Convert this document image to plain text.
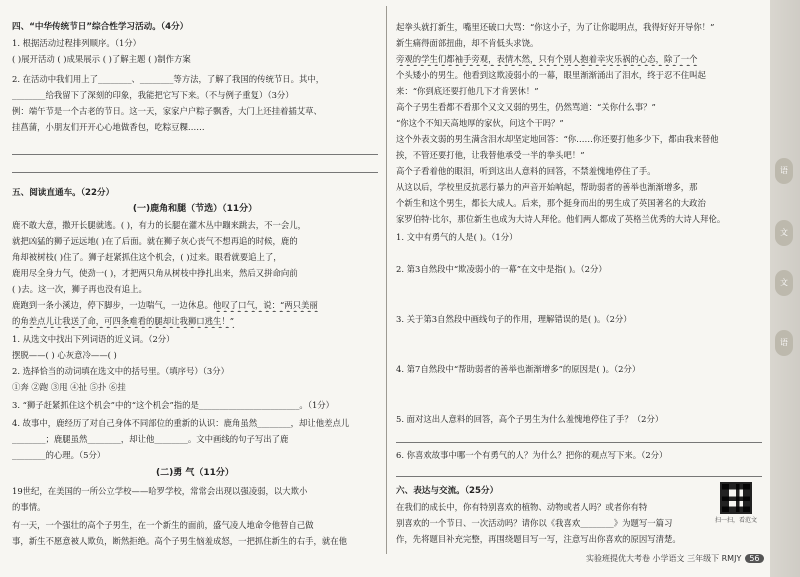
四、“中华传统节日”综合性学习活动。（4分）
1. 根据活动过程排列顺序。（1分）
( )展开活动 ( )成果展示 ( )了解主题 ( )制作方案
2. 在活动中我们用上了________、________等方法，了解了我国的传统节日。其中，
________给我留下了深刻的印象，我能把它写下来。（不与例子重复）（3分）
例：端午节是一个古老的节日。这一天，家家户户粽子飘香，大门上还挂着插艾草、
挂菖蒲，小朋友们开开心心地做香包，吃粽豆粿……
五、阅读直通车。（22分）
(一)鹿角和腿（节选）（11分）
鹿不敢大意，撒开长腿就逃。( )，有力的长腿在灌木丛中蹦来跳去，不一会儿，
就把凶猛的狮子远远地( )在了后面。就在狮子灰心丧气不想再追的时候，鹿的
角却被树枝( )住了。狮子赶紧抓住这个机会，( )过来。眼看就要追上了，
鹿用尽全身力气，使劲一( )，才把两只角从树枝中挣扎出来，然后又拼命向前
( )去。这一次，狮子再也没有追上。
鹿跑到一条小溪边，停下脚步，一边喘气，一边休息。他叹了口气，说：“两只美丽
的角差点儿让我送了命，可四条难看的腿却让我狮口逃生！”
1. 从选文中找出下列词语的近义词。（2分）
摆脱——( ) 心灰意冷——( )
2. 选择恰当的动词填在选文中的括号里。（填序号）（3分）
①奔 ②跑 ③甩 ④扯 ⑤扑 ⑥挂
3. “狮子赶紧抓住这个机会”中的“这个机会”指的是________________________。（1分）
4. 故事中，鹿经历了对自己身体不同部位的重新的认识：鹿角虽然________，却让他差点儿
________；鹿腿虽然________，却让他________。文中画线的句子写出了鹿
________的心理。（5分）
(二)勇 气（11分）
19世纪，在美国的一所公立学校——哈罗学校，常常会出现以强凌弱，以大欺小
的事情。
有一天，一个强壮的高个子男生，在一个新生的面前，盛气凌人地命令他替自己做
事，新生不愿意被人欺负，断然拒绝。高个子男生恼羞成怒，一把抓住新生的右手，就在他
起拳头就打新生，嘴里还破口大骂：“你这小子，为了让你聪明点，我得好好开导你！”
新生痛得面部扭曲，却不肯低头求饶。
旁观的学生们都袖手旁观，表情木然，只有个别人抱着幸灾乐祸的心态，除了一个
个头矮小的男生。他看到这欺凌弱小的一幕，眼里渐渐涌出了泪水，终于忍不住叫起
来：“你到底还要打他几下才肯罢休！”
高个子男生看都不看那个又文又弱的男生，仍然骂道：“关你什么事？”
“你这个不知天高地厚的家伙，问这个干吗？”
这个外表文弱的男生满含泪水却坚定地回答：“你……你还要打他多少下，都由我来替他
挨，不管还要打他，让我替他承受一半的拳头吧！”
高个子看着他的眼泪，听到这出人意料的回答，不禁羞愧地停住了手。
从这以后，学校里反抗恶行暴力的声音开始响起，帮助弱者的善举也渐渐增多，那
个新生和这个男生，都长大成人。后来，那个挺身而出的男生成了英国著名的大政治
家罗伯特·比尔，那位新生也成为大诗人拜伦。他们两人都成了英格兰优秀的大诗人拜伦。
1. 文中有勇气的人是( )。（1分）
2. 第3自然段中“欺凌弱小的一幕”在文中是指( )。（2分）
3. 关于第3自然段中画线句子的作用，理解错误的是( )。（2分）
4. 第7自然段中“帮助弱者的善举也渐渐增多”的原因是( )。（2分）
5. 面对这出人意料的回答，高个子男生为什么羞愧地停住了手？（2分）
6. 你喜欢故事中哪一个有勇气的人？为什么？把你的观点写下来。（2分）
六、表达与交流。（25分）
在我们的成长中，你有特别喜欢的植物、动物或者人吗？或者你有特
别喜欢的一个节日、一次活动吗？请你以《我喜欢________》为题写一篇习
作，先将题目补充完整，再围绕题目写一写，注意写出你喜欢的原因写清楚。
扫一扫，看范文
实验班提优大考卷 小学语文 三年级下 RMJY 56
语
文
文
语
